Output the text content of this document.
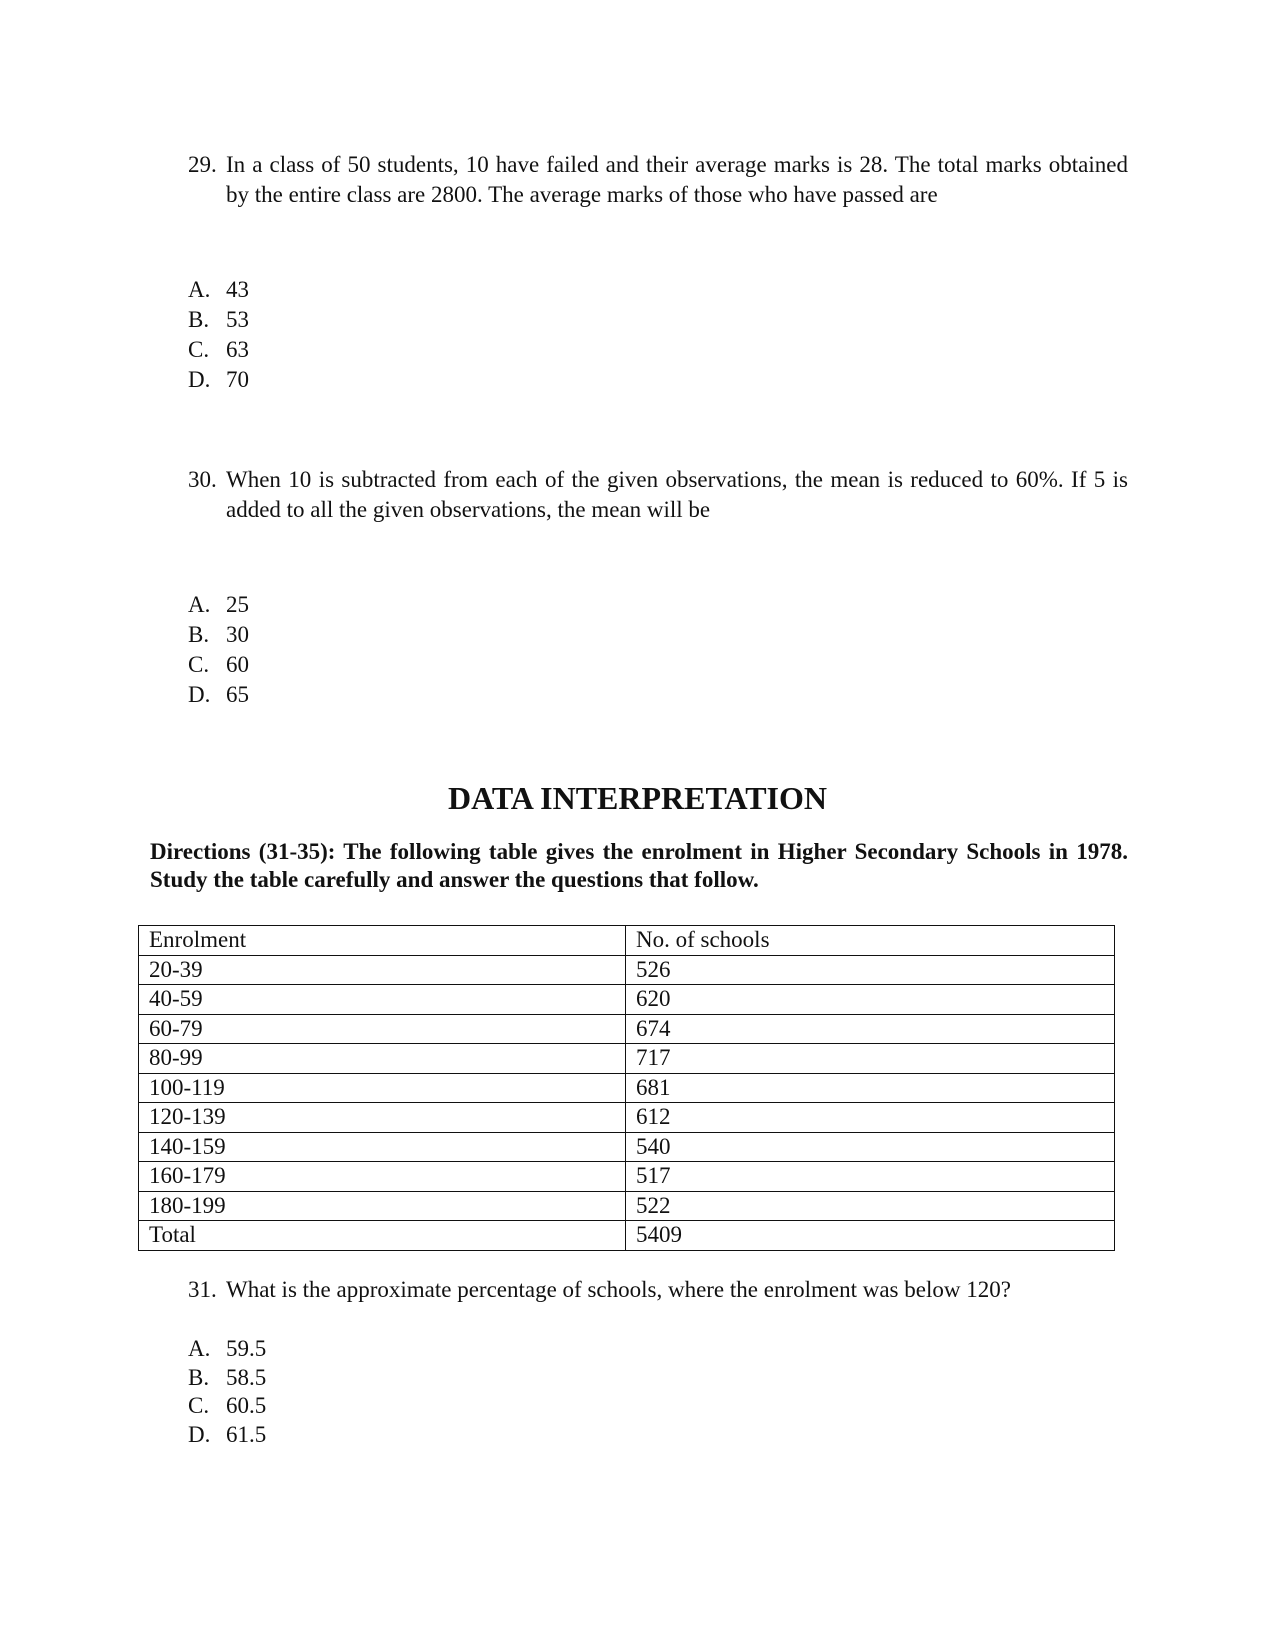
29. In a class of 50 students, 10 have failed and their average marks is 28. The total marks obtained by the entire class are 2800. The average marks of those who have passed are
A. 43
B. 53
C. 63
D. 70
30. When 10 is subtracted from each of the given observations, the mean is reduced to 60%. If 5 is added to all the given observations, the mean will be
A. 25
B. 30
C. 60
D. 65
DATA INTERPRETATION
Directions (31-35): The following table gives the enrolment in Higher Secondary Schools in 1978. Study the table carefully and answer the questions that follow.
Enrolment	No. of schools
20-39	526
40-59	620
60-79	674
80-99	717
100-119	681
120-139	612
140-159	540
160-179	517
180-199	522
Total	5409
31. What is the approximate percentage of schools, where the enrolment was below 120?
A. 59.5
B. 58.5
C. 60.5
D. 61.5
